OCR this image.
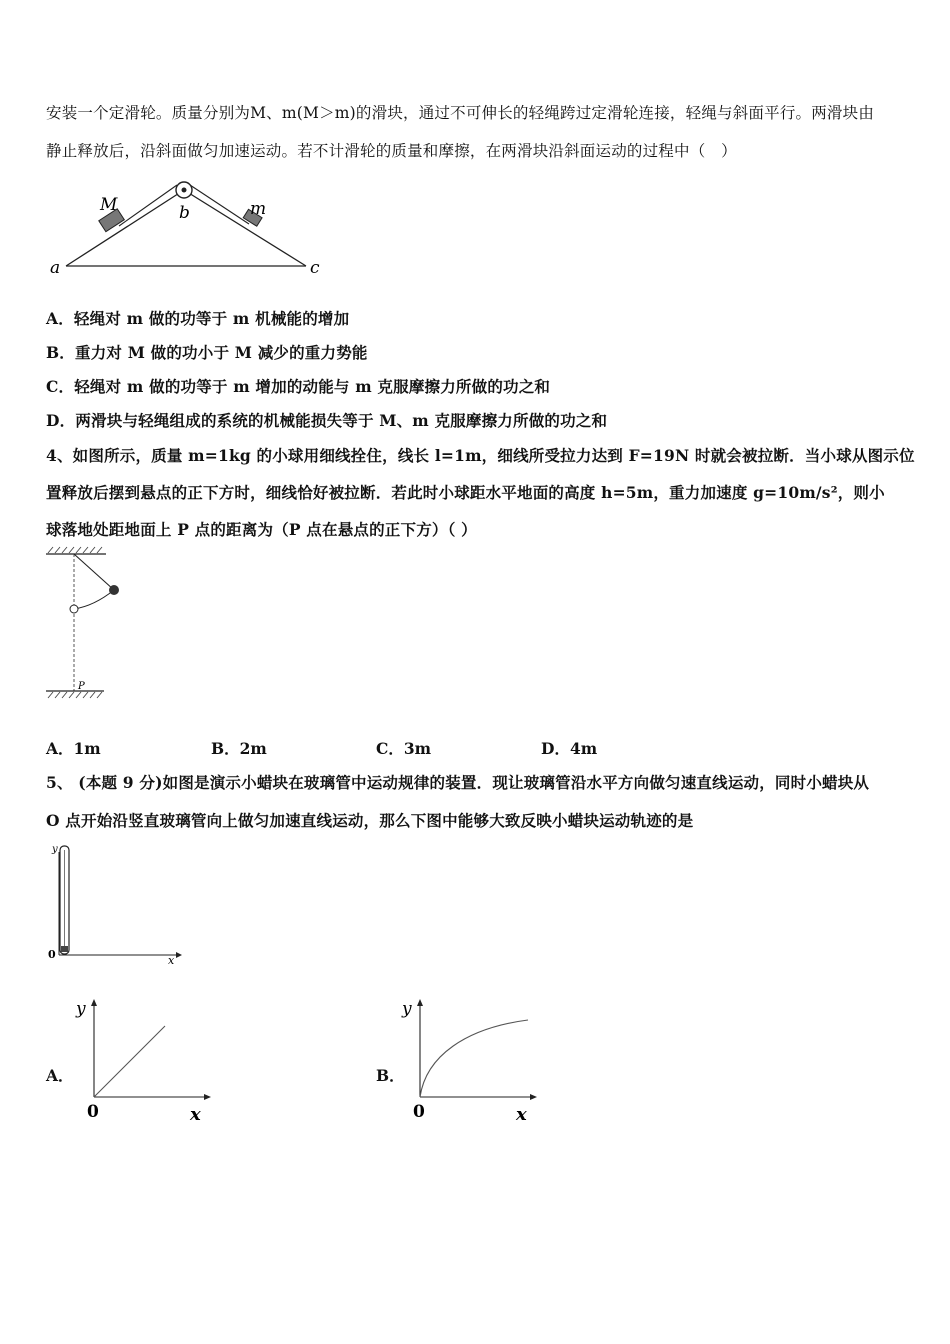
安装一个定滑轮。质量分别为M、m(M＞m)的滑块，通过不可伸长的轻绳跨过定滑轮连接，轻绳与斜面平行。两滑块由
静止释放后，沿斜面做匀加速运动。若不计滑轮的质量和摩擦，在两滑块沿斜面运动的过程中（　）
M	b	m
a	c
A．轻绳对 m 做的功等于 m 机械能的增加
B．重力对 M 做的功小于 M 减少的重力势能
C．轻绳对 m 做的功等于 m 增加的动能与 m 克服摩擦力所做的功之和
D．两滑块与轻绳组成的系统的机械能损失等于 M、m 克服摩擦力所做的功之和
4、如图所示，质量 m=1kg 的小球用细线拴住，线长 l=1m，细线所受拉力达到 F=19N 时就会被拉断．当小球从图示位
置释放后摆到悬点的正下方时，细线恰好被拉断．若此时小球距水平地面的高度 h=5m，重力加速度 g=10m/s²，则小
球落地处距地面上 P 点的距离为（P 点在悬点的正下方）（ ）
P
A．1m	B．2m	C．3m	D．4m
5、 (本题 9 分)如图是演示小蜡块在玻璃管中运动规律的装置．现让玻璃管沿水平方向做匀速直线运动，同时小蜡块从
O 点开始沿竖直玻璃管向上做匀加速直线运动，那么下图中能够大致反映小蜡块运动轨迹的是
y
0	x
A．
y
0	x
B．
y
0	x
